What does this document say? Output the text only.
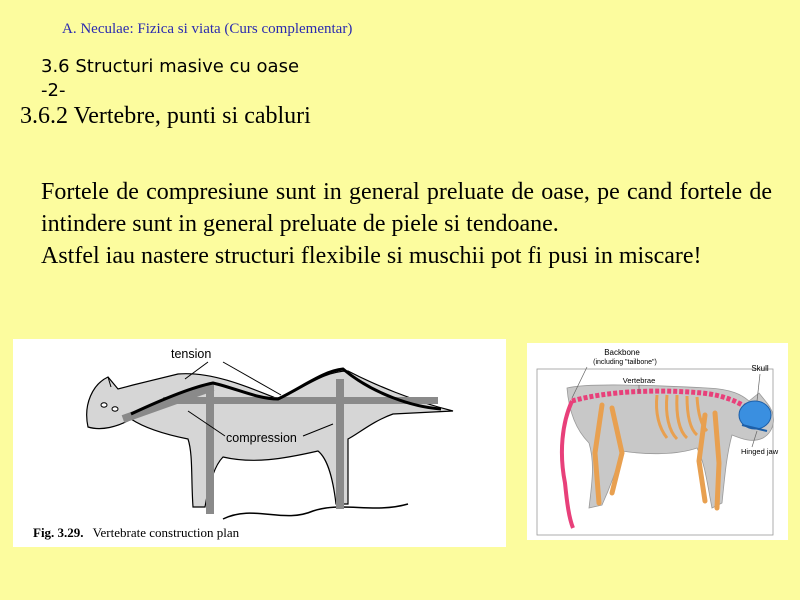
A. Neculae: Fizica si viata (Curs complementar)
3.6 Structuri masive cu oase
-2-
3.6.2 Vertebre, punti si cabluri

Fortele de compresiune sunt in general preluate de oase, pe cand fortele de intindere sunt in general preluate de piele si tendoane.

Astfel iau nastere structuri flexibile si muschii pot fi pusi in miscare!

tension
compression
Fig. 3.29. Vertebrate construction plan
Backbone
(including "tailbone")
Vertebrae
Skull
Hinged jaw
